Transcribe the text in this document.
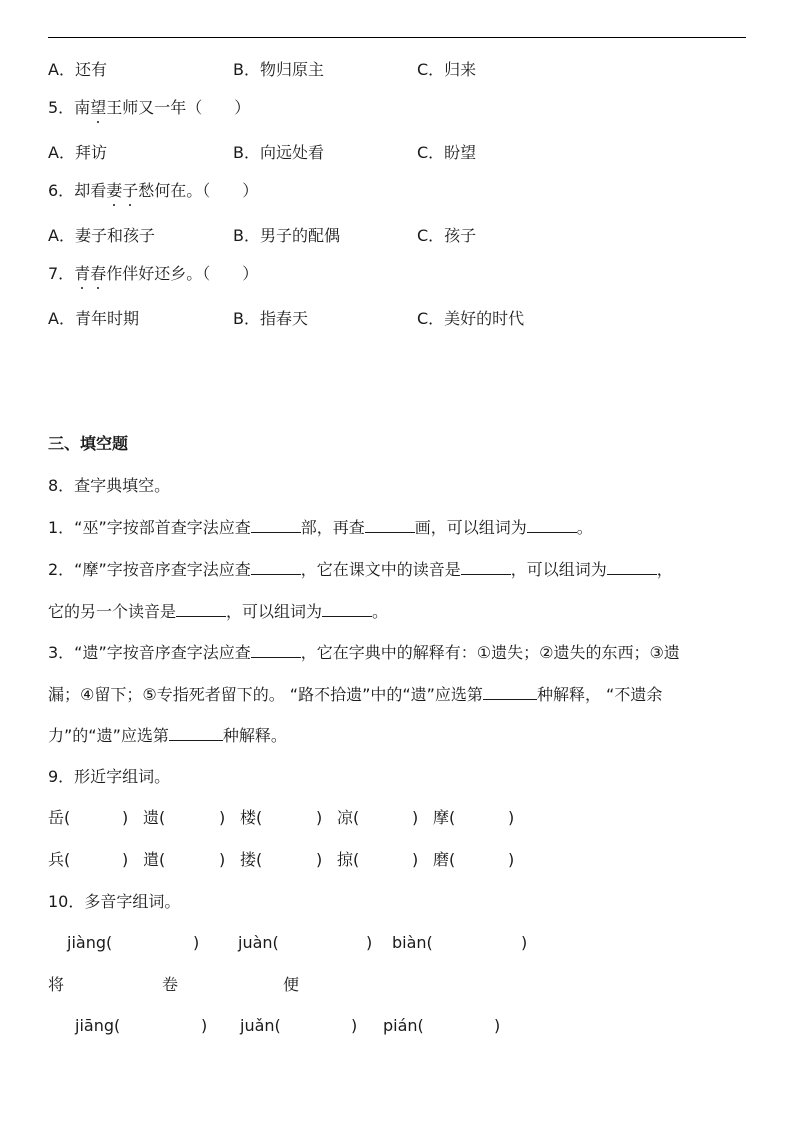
A．还有	B．物归原主	C．归来
5．南望王师又一年（　　）
A．拜访	B．向远处看	C．盼望
6．却看妻子愁何在。（　　）
A．妻子和孩子	B．男子的配偶	C．孩子
7．青春作伴好还乡。（　　）
A．青年时期	B．指春天	C．美好的时代
三、填空题
8．查字典填空。
1．“巫”字按部首查字法应查	部，再查	画，可以组词为	。
2．“摩”字按音序查字法应查	，它在课文中的读音是	，可以组词为	，
它的另一个读音是	，可以组词为	。
3．“遗”字按音序查字法应查	，它在字典中的解释有：①遗失；②遗失的东西；③遗
漏；④留下；⑤专指死者留下的。 “路不拾遗”中的“遗”应选第	种解释， “不遗余
力”的“遗”应选第	种解释。
9．形近字组词。
岳(	) 遗(	) 楼(	) 凉(	) 摩(	)
兵(	) 遣(	) 搂(	) 掠(	) 磨(	)
10．多音字组词。
jiàng(	) juàn(	) biàn(	)
将	卷	便
jiāng(	) juǎn(	) pián(	)
